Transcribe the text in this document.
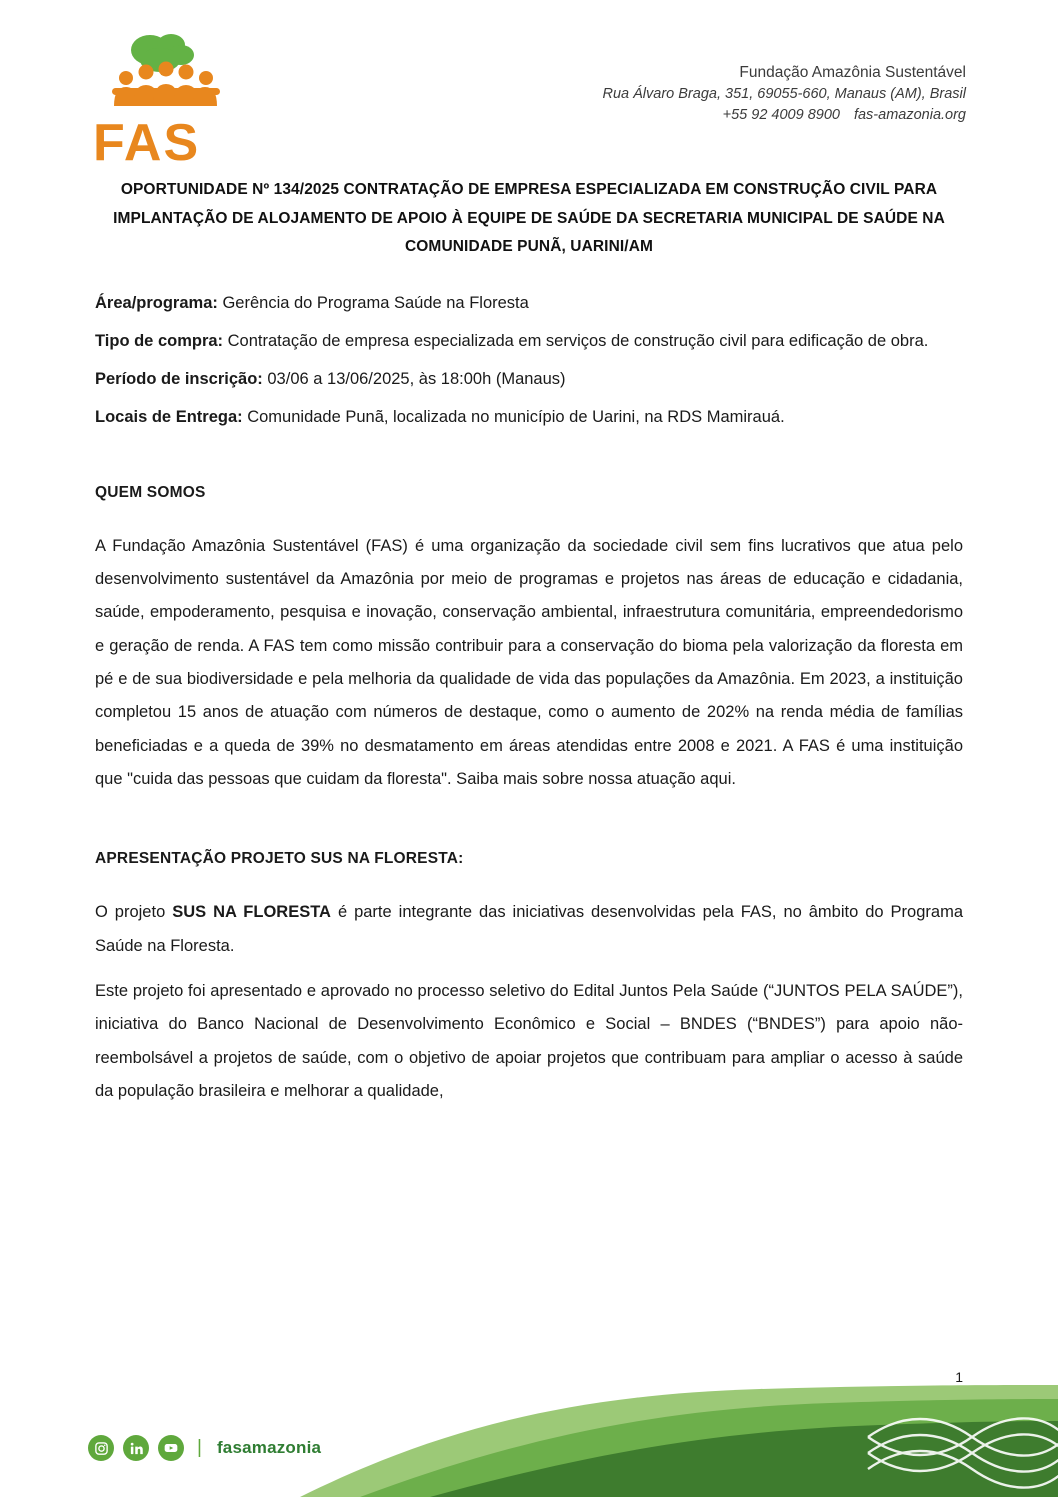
FAS
Fundação Amazônia Sustentável
Rua Álvaro Braga, 351, 69055-660, Manaus (AM), Brasil
+55 92 4009 8900 fas-amazonia.org
OPORTUNIDADE Nº 134/2025 CONTRATAÇÃO DE EMPRESA ESPECIALIZADA EM CONSTRUÇÃO CIVIL PARA IMPLANTAÇÃO DE ALOJAMENTO DE APOIO À EQUIPE DE SAÚDE DA SECRETARIA MUNICIPAL DE SAÚDE NA COMUNIDADE PUNÃ, UARINI/AM

Área/programa: Gerência do Programa Saúde na Floresta

Tipo de compra: Contratação de empresa especializada em serviços de construção civil para edificação de obra.

Período de inscrição: 03/06 a 13/06/2025, às 18:00h (Manaus)

Locais de Entrega: Comunidade Punã, localizada no município de Uarini, na RDS Mamirauá.

QUEM SOMOS
A Fundação Amazônia Sustentável (FAS) é uma organização da sociedade civil sem fins lucrativos que atua pelo desenvolvimento sustentável da Amazônia por meio de programas e projetos nas áreas de educação e cidadania, saúde, empoderamento, pesquisa e inovação, conservação ambiental, infraestrutura comunitária, empreendedorismo e geração de renda. A FAS tem como missão contribuir para a conservação do bioma pela valorização da floresta em pé e de sua biodiversidade e pela melhoria da qualidade de vida das populações da Amazônia. Em 2023, a instituição completou 15 anos de atuação com números de destaque, como o aumento de 202% na renda média de famílias beneficiadas e a queda de 39% no desmatamento em áreas atendidas entre 2008 e 2021. A FAS é uma instituição que "cuida das pessoas que cuidam da floresta". Saiba mais sobre nossa atuação aqui.
APRESENTAÇÃO PROJETO SUS NA FLORESTA:
O projeto SUS NA FLORESTA é parte integrante das iniciativas desenvolvidas pela FAS, no âmbito do Programa Saúde na Floresta.
Este projeto foi apresentado e aprovado no processo seletivo do Edital Juntos Pela Saúde (“JUNTOS PELA SAÚDE”), iniciativa do Banco Nacional de Desenvolvimento Econômico e Social – BNDES (“BNDES”) para apoio não-reembolsável a projetos de saúde, com o objetivo de apoiar projetos que contribuam para ampliar o acesso à saúde da população brasileira e melhorar a qualidade,
1
| fasamazonia
